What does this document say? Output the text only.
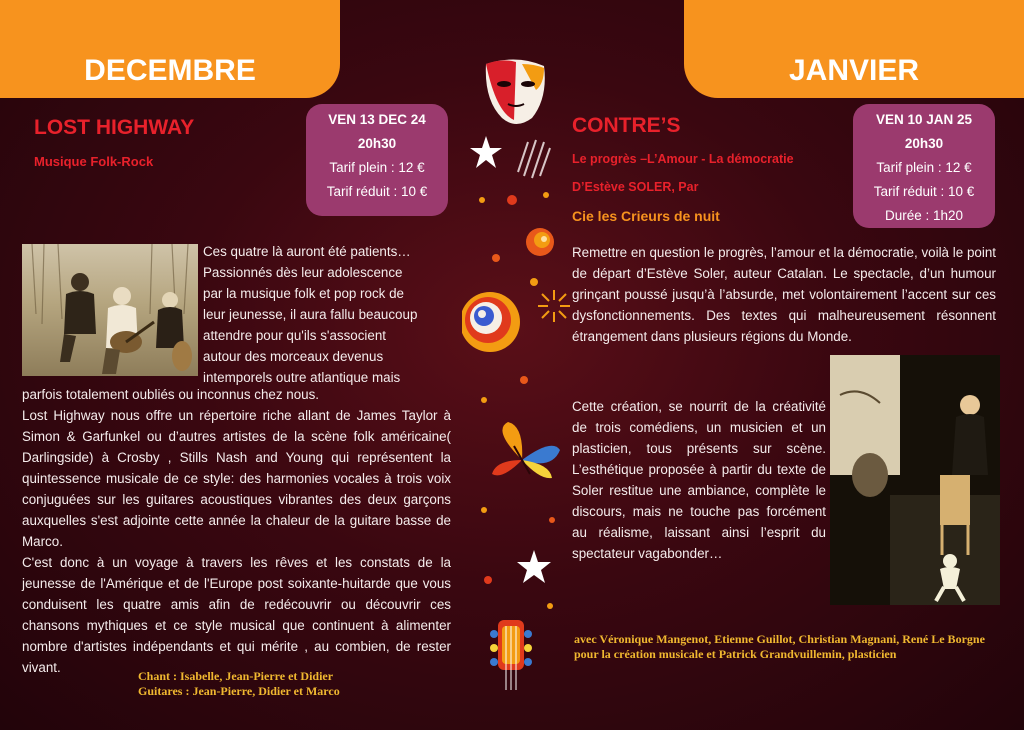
DECEMBRE
LOST HIGHWAY
Musique Folk-Rock
VEN 13 DEC 24
20h30
Tarif plein : 12 €
Tarif réduit : 10 €

Ces quatre là auront été patients…

Passionnés dès leur adolescence

par la musique folk et pop rock de

leur jeunesse, il aura fallu beaucoup

attendre pour qu'ils s'associent

autour des morceaux devenus

intemporels outre atlantique mais

parfois totalement oubliés ou inconnus chez nous.

Lost Highway nous offre un répertoire riche allant de James Taylor à Simon & Garfunkel ou d’autres artistes de la scène folk américaine( Darlingside) à Crosby , Stills Nash and Young qui représentent la quintessence musicale de ce style: des harmonies vocales à trois voix conjuguées sur les guitares acoustiques vibrantes des deux garçons auxquelles s'est adjointe cette année la chaleur de la guitare basse de Marco.

C'est donc à un voyage à travers les rêves et les constats de la jeunesse de l'Amérique et de l'Europe post soixante-huitarde que vous conduisent les quatre amis afin de redécouvrir ou découvrir ces chansons mythiques et ce style musical que continuent à alimenter nombre d'artistes indépendants et qui mérite , au combien, de rester vivant.

Chant : Isabelle, Jean-Pierre et Didier
Guitares : Jean-Pierre, Didier et Marco
JANVIER
CONTRE’S
Le progrès –L’Amour - La démocratie
D’Estève SOLER, Par
Cie les Crieurs de nuit
VEN 10 JAN 25
20h30
Tarif plein : 12 €
Tarif réduit : 10 €
Durée : 1h20

Remettre en question le progrès, l’amour et la démocratie, voilà le point de départ d’Estève Soler, auteur Catalan. Le spectacle, d’un humour grinçant poussé jusqu’à l’absurde, met volontairement l’accent sur ces dysfonctionnements. Des textes qui malheureusement résonnent étrangement dans plusieurs régions du Monde.

Cette création, se nourrit de la créativité de trois comédiens, un musicien et un plasticien, tous présents sur scène. L’esthétique proposée à partir du texte de Soler restitue une ambiance, complète le discours, mais ne touche pas forcément au réalisme, laissant ainsi l’esprit du spectateur vagabonder…

avec Véronique Mangenot, Etienne Guillot, Christian Magnani, René Le Borgne pour la création musicale et Patrick Grandvuillemin, plasticien
